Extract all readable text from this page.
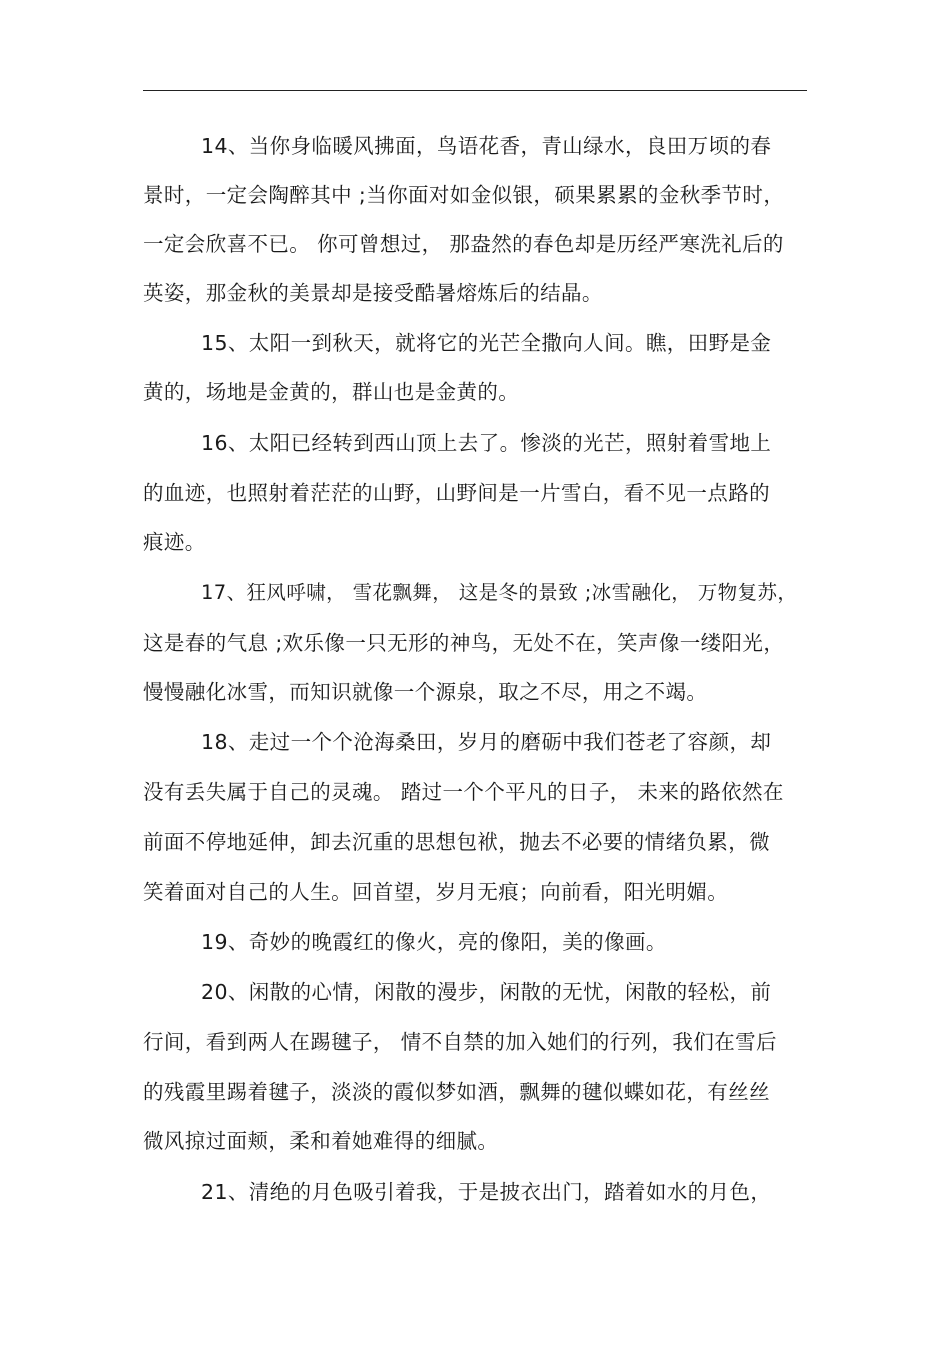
14、当你身临暖风拂面，鸟语花香，青山绿水，良田万顷的春
景时，一定会陶醉其中 ;当你面对如金似银，硕果累累的金秋季节时，
一定会欣喜不已。 你可曾想过， 那盎然的春色却是历经严寒洗礼后的
英姿，那金秋的美景却是接受酷暑熔炼后的结晶。
15、太阳一到秋天，就将它的光芒全撒向人间。瞧，田野是金
黄的，场地是金黄的，群山也是金黄的。
16、太阳已经转到西山顶上去了。惨淡的光芒，照射着雪地上
的血迹，也照射着茫茫的山野，山野间是一片雪白，看不见一点路的
痕迹。
17、狂风呼啸， 雪花飘舞， 这是冬的景致 ;冰雪融化， 万物复苏，
这是春的气息 ;欢乐像一只无形的神鸟，无处不在，笑声像一缕阳光，
慢慢融化冰雪，而知识就像一个源泉，取之不尽，用之不竭。
18、走过一个个沧海桑田，岁月的磨砺中我们苍老了容颜，却
没有丢失属于自己的灵魂。 踏过一个个平凡的日子， 未来的路依然在
前面不停地延伸，卸去沉重的思想包袱，抛去不必要的情绪负累，微
笑着面对自己的人生。回首望，岁月无痕；向前看，阳光明媚。
19、奇妙的晚霞红的像火，亮的像阳，美的像画。
20、闲散的心情，闲散的漫步，闲散的无忧，闲散的轻松，前
行间，看到两人在踢毽子， 情不自禁的加入她们的行列，我们在雪后
的残霞里踢着毽子，淡淡的霞似梦如酒，飘舞的毽似蝶如花，有丝丝
微风掠过面颊，柔和着她难得的细腻。
21、清绝的月色吸引着我，于是披衣出门，踏着如水的月色，
